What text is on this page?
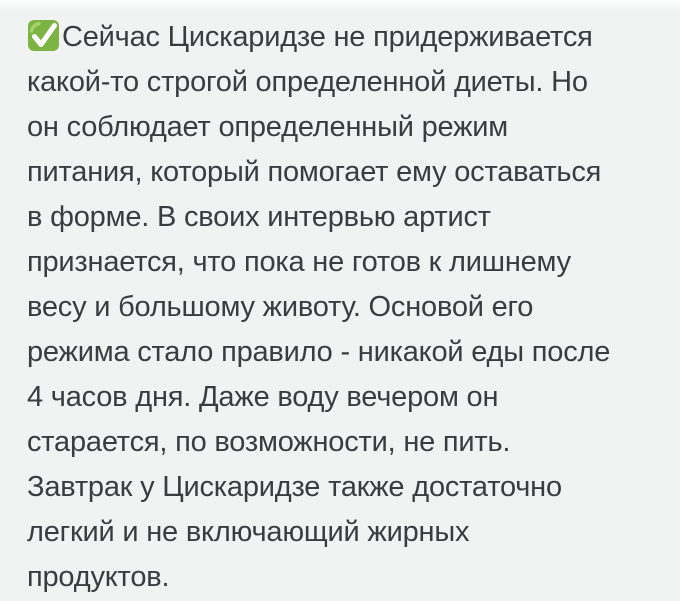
Сейчас Цискаридзе не придерживается
какой-то строгой определенной диеты. Но
он соблюдает определенный режим
питания, который помогает ему оставаться
в форме. В своих интервью артист
признается, что пока не готов к лишнему
весу и большому животу. Основой его
режима стало правило - никакой еды после
4 часов дня. Даже воду вечером он
старается, по возможности, не пить.
Завтрак у Цискаридзе также достаточно
легкий и не включающий жирных
продуктов.
